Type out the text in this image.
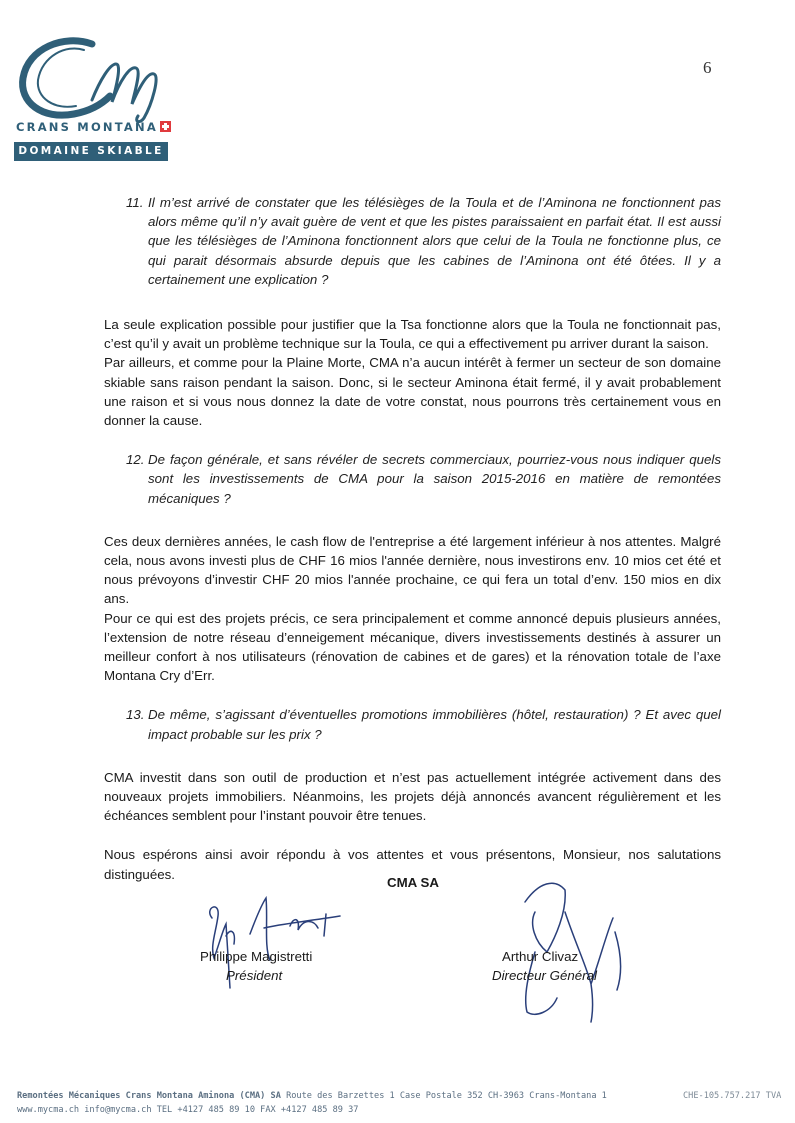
CRANS MONTANA
DOMAINE SKIABLE
6
11. Il m’est arrivé de constater que les télésièges de la Toula et de l’Aminona ne fonctionnent pas alors même qu’il n’y avait guère de vent et que les pistes paraissaient en parfait état. Il est aussi que les télésièges de l’Aminona fonctionnent alors que celui de la Toula ne fonctionne plus, ce qui parait désormais absurde depuis que les cabines de l’Aminona ont été ôtées. Il y a certainement une explication ?

La seule explication possible pour justifier que la Tsa fonctionne alors que la Toula ne fonctionnait pas, c’est qu’il y avait un problème technique sur la Toula, ce qui a effectivement pu arriver durant la saison.

Par ailleurs, et comme pour la Plaine Morte, CMA n’a aucun intérêt à fermer un secteur de son domaine skiable sans raison pendant la saison. Donc, si le secteur Aminona était fermé, il y avait probablement une raison et si vous nous donnez la date de votre constat, nous pourrons très certainement vous en donner la cause.

12. De façon générale, et sans révéler de secrets commerciaux, pourriez-vous nous indiquer quels sont les investissements de CMA pour la saison 2015-2016 en matière de remontées mécaniques ?

Ces deux dernières années, le cash flow de l'entreprise a été largement inférieur à nos attentes. Malgré cela, nous avons investi plus de CHF 16 mios l'année dernière, nous investirons env. 10 mios cet été et nous prévoyons d’investir CHF 20 mios l'année prochaine, ce qui fera un total d’env. 150 mios en dix ans.

Pour ce qui est des projets précis, ce sera principalement et comme annoncé depuis plusieurs années, l’extension de notre réseau d’enneigement mécanique, divers investissements destinés à assurer un meilleur confort à nos utilisateurs (rénovation de cabines et de gares) et la rénovation totale de l’axe Montana Cry d’Err.

13. De même, s’agissant d’éventuelles promotions immobilières (hôtel, restauration) ? Et avec quel impact probable sur les prix ?

CMA investit dans son outil de production et n’est pas actuellement intégrée activement dans des nouveaux projets immobiliers. Néanmoins, les projets déjà annoncés avancent régulièrement et les échéances semblent pour l’instant pouvoir être tenues.

Nous espérons ainsi avoir répondu à vos attentes et vous présentons, Monsieur, nos salutations distinguées.

CMA SA
Philippe Magistretti
Président
Arthur Clivaz
Directeur Général
Remontées Mécaniques Crans Montana Aminona (CMA) SA Route des Barzettes 1 Case Postale 352 CH-3963 Crans-Montana 1
www.mycma.ch info@mycma.ch TEL +4127 485 89 10 FAX +4127 485 89 37
CHE-105.757.217 TVA
